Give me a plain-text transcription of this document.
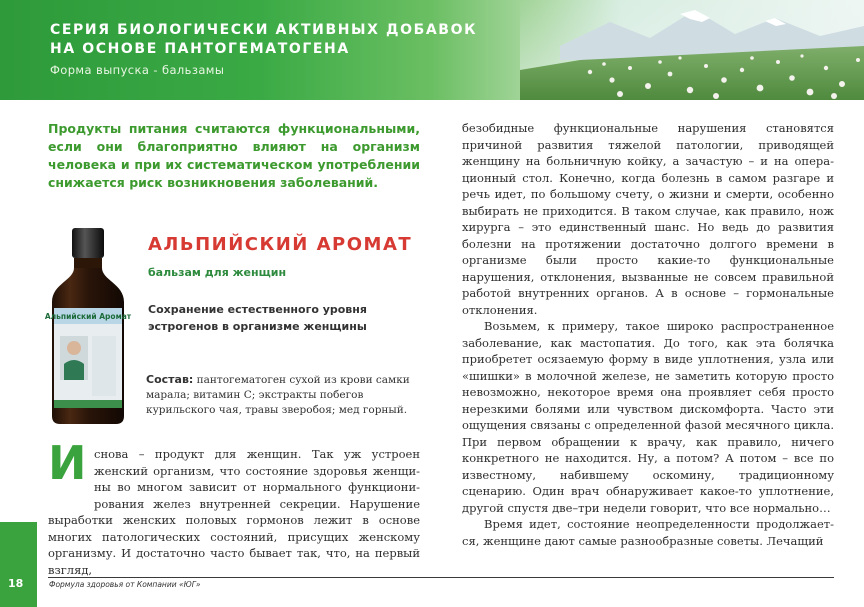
СЕРИЯ БИОЛОГИЧЕСКИ АКТИВНЫХ ДОБАВОК
НА ОСНОВЕ ПАНТОГЕМАТОГЕНА
Форма выпуска - бальзамы
Продукты питания считаются функциональными, если они благоприятно влияют на организм человека и при их систематическом употреблении снижается риск возникновения заболеваний.
Альпийский Аромат
АЛЬПИЙСКИЙ АРОМАТ
бальзам для женщин
Сохранение естественного уровня эстрогенов в организме женщины
Состав: пантогематоген сухой из крови самки марала; витамин С; экстракты побегов курильского чая, травы зверобоя; мед горный.
И снова – продукт для женщин. Так уж устроен женский организм, что состояние здоровья женщины во многом зависит от нормального функционирования желез внутренней секреции. Нарушение выработки женских половых гормонов лежит в основе многих патологических состояний, присущих женскому организму. И достаточно часто бывает так, что, на первый взгляд,

безобидные функциональные нарушения становятся причиной развития тяжелой патологии, приводящей женщину на больничную койку, а зачастую – и на операционный стол. Конечно, когда болезнь в самом разгаре и речь идет, по большому счету, о жизни и смерти, особенно выбирать не приходится. В таком случае, как правило, нож хирурга – это единственный шанс. Но ведь до развития болезни на протяжении достаточно долгого времени в организме были просто какие-то функциональные нарушения, отклонения, вызванные не совсем правильной работой внутренних органов. А в основе – гормональные отклонения.

Возьмем, к примеру, такое широко распространенное заболевание, как мастопатия. До того, как эта болячка приобретет осязаемую форму в виде уплотнения, узла или «шишки» в молочной железе, не заметить которую просто невозможно, некоторое время она проявляет себя просто нерезкими болями или чувством дискомфорта. Часто эти ощущения связаны с определенной фазой месячного цикла. При первом обращении к врачу, как правило, ничего конкретного не находится. Ну, а потом? А потом – все по известному, набившему оскомину, традиционному сценарию. Один врач обнаруживает какое-то уплотнение, другой спустя две–три недели говорит, что все нормально…

Время идет, состояние неопределенности продолжается, женщине дают самые разнообразные советы. Лечащий

18	Формула здоровья от Компании «ЮГ»
